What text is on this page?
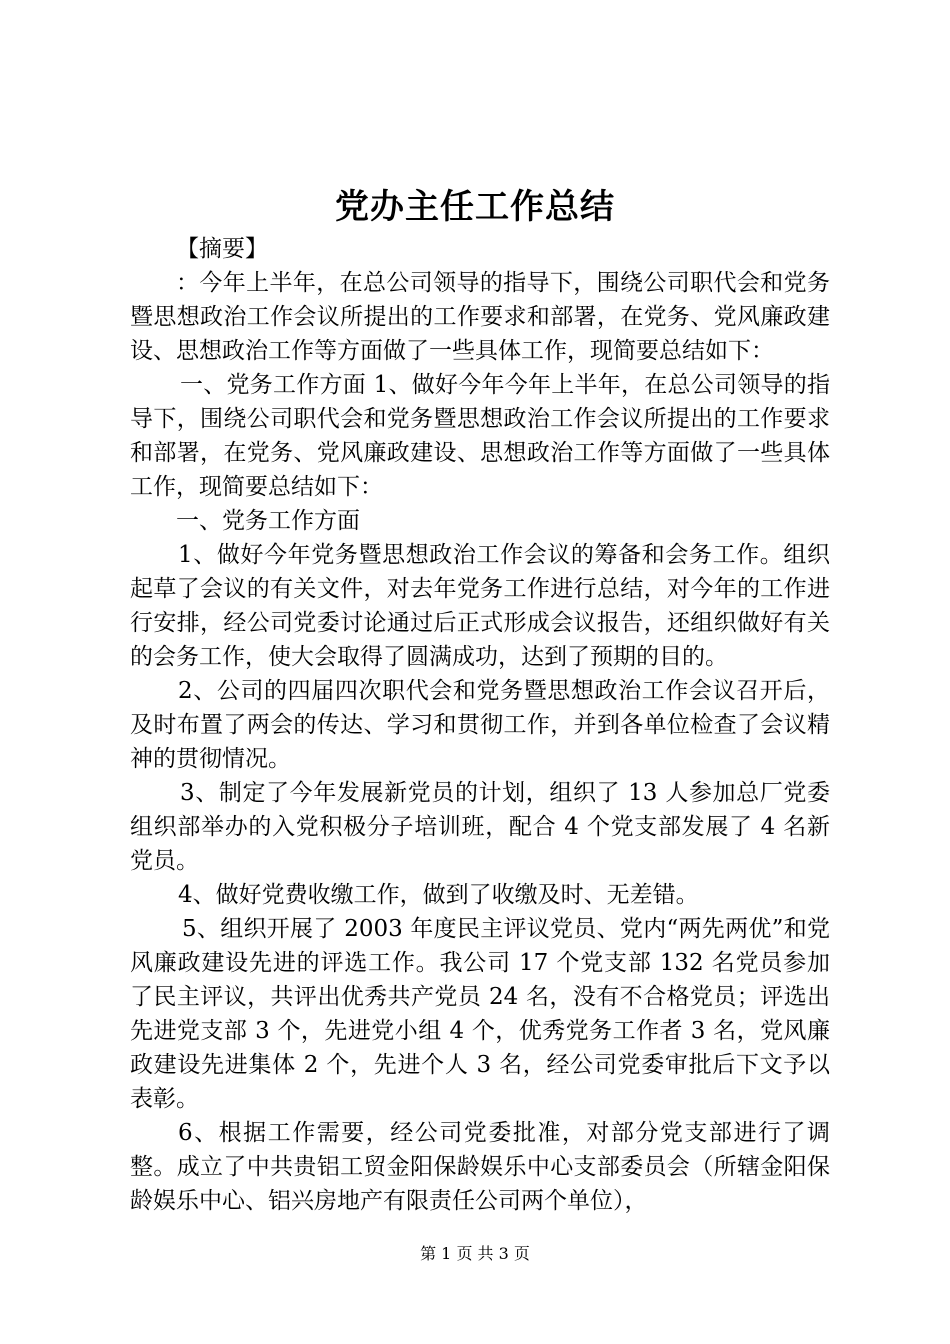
党办主任工作总结

【摘要】

：今年上半年，在总公司领导的指导下，围绕公司职代会和党务暨思想政治工作会议所提出的工作要求和部署，在党务、党风廉政建设、思想政治工作等方面做了一些具体工作，现简要总结如下：

一、党务工作方面 1、做好今年今年上半年，在总公司领导的指导下，围绕公司职代会和党务暨思想政治工作会议所提出的工作要求和部署，在党务、党风廉政建设、思想政治工作等方面做了一些具体工作，现简要总结如下：

一、党务工作方面

1、做好今年党务暨思想政治工作会议的筹备和会务工作。组织起草了会议的有关文件，对去年党务工作进行总结，对今年的工作进行安排，经公司党委讨论通过后正式形成会议报告，还组织做好有关的会务工作，使大会取得了圆满成功，达到了预期的目的。

2、公司的四届四次职代会和党务暨思想政治工作会议召开后，及时布置了两会的传达、学习和贯彻工作，并到各单位检查了会议精神的贯彻情况。

3、制定了今年发展新党员的计划，组织了 13 人参加总厂党委组织部举办的入党积极分子培训班，配合 4 个党支部发展了 4 名新党员。

4、做好党费收缴工作，做到了收缴及时、无差错。

5、组织开展了 2003 年度民主评议党员、党内“两先两优”和党风廉政建设先进的评选工作。我公司 17 个党支部 132 名党员参加了民主评议，共评出优秀共产党员 24 名，没有不合格党员；评选出先进党支部 3 个，先进党小组 4 个，优秀党务工作者 3 名，党风廉政建设先进集体 2 个，先进个人 3 名，经公司党委审批后下文予以表彰。

6、根据工作需要，经公司党委批准，对部分党支部进行了调整。成立了中共贵铝工贸金阳保龄娱乐中心支部委员会（所辖金阳保龄娱乐中心、铝兴房地产有限责任公司两个单位），

第 1 页 共 3 页
